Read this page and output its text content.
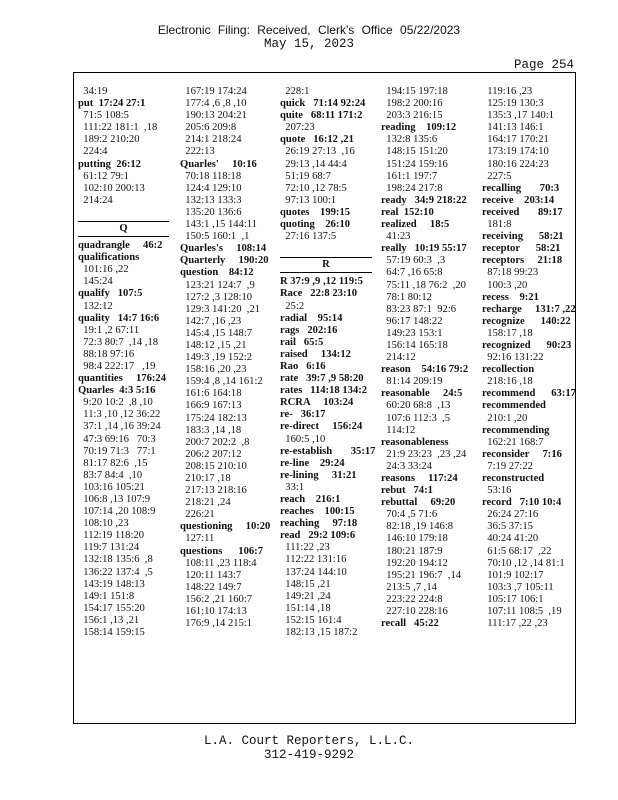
Electronic Filing: Received, Clerk's Office 05/22/2023
May 15, 2023
Page 254
34:19
put  17:24 27:1
71:5 108:5
111:22 181:1  ,18
189:2 210:20
224:4
putting  26:12
61:12 79:1
102:10 200:13
214:24

Q
quadrangle     46:2
qualifications
101:16 ,22
145:24
qualify   107:5
132:12
quality   14:7 16:6
19:1 ,2 67:11
72:3 80:7  ,14 ,18
88:18 97:16
98:4 222:17   ,19
quantities     176:24
Quarles  4:3 5:16
9:20 10:2  ,8 ,10
11:3 ,10 ,12 36:22
37:1 ,14 ,16 39:24
47:3 69:16   70:3
70:19 71:3   77:1
81:17 82:6  ,15
83:7 84:4  ,10
103:16 105:21
106:8 ,13 107:9
107:14 ,20 108:9
108:10 ,23
112:19 118:20
119:7 131:24
132:18 135:6  ,8
136:22 137:4  ,5
143:19 148:13
149:1 151:8
154:17 155:20
156:1 ,13 ,21
158:14 159:15
167:19 174:24
177:4 ,6 ,8 ,10
190:13 204:21
205:6 209:8
214:1 218:24
222:13
Quarles'     10:16
70:18 118:18
124:4 129:10
132:13 133:3
135:20 136:6
143:1 ,15 144:11
150:5 160:1  ,1
Quarles's     108:14
Quarterly     190:20
question    84:12
123:21 124:7  ,9
127:2 ,3 128:10
129:3 141:20  ,21
142:7 ,16 ,23
145:4 ,15 148:7
148:12 ,15 ,21
149:3 ,19 152:2
158:16 ,20 ,23
159:4 ,8 ,14 161:2
161:6 164:18
166:9 167:13
175:24 182:13
183:3 ,14 ,18
200:7 202:2  ,8
206:2 207:12
208:15 210:10
210:17 ,18
217:13 218:16
218:21 ,24
226:21
questioning     10:20
127:11
questions      106:7
108:11 ,23 118:4
120:11 143:7
148:22 149:7
156:2 ,21 160:7
161:10 174:13
176:9 ,14 215:1
228:1
quick   71:14 92:24
quite   68:11 171:2
207:23
quote   16:12 ,21
26:19 27:13  ,16
29:13 ,14 44:4
51:19 68:7
72:10 ,12 78:5
97:13 100:1
quotes    199:15
quoting    26:10
27:16 137:5

R
R 37:9 ,9 ,12 119:5
Race   22:8 23:10
25:2
radial    95:14
rags   202:16
rail   65:5
raised     134:12
Rao   6:16
rate   39:7 ,9 58:20
rates   114:18 134:2
RCRA     103:24
re-   36:17
re-direct     156:24
160:5 ,10
re-establish       35:17
re-line    29:24
re-lining     31:21
33:1
reach    216:1
reaches    100:15
reaching     97:18
read   29:2 109:6
111:22 ,23
112:22 131:16
137:24 144:10
148:15 ,21
149:21 ,24
151:14 ,18
152:15 161:4
182:13 ,15 187:2
194:15 197:18
198:2 200:16
203:3 216:15
reading    109:12
132:8 135:6
148:15 151:20
151:24 159:16
161:1 197:7
198:24 217:8
ready   34:9 218:22
real  152:10
realized     18:5
41:23
really   10:19 55:17
57:19 60:3  ,3
64:7 ,16 65:8
75:11 ,18 76:2  ,20
78:1 80:12
83:23 87:1  92:6
96:17 148:22
149:23 153:1
156:14 165:18
214:12
reason    54:16 79:2
81:14 209:19
reasonable     24:5
60:20 68:8  ,13
107:6 112:3  ,5
114:12
reasonableness
21:9 23:23  ,23 ,24
24:3 33:24
reasons     117:24
rebut   74:1
rebuttal     69:20
70:4 ,5 71:6
82:18 ,19 146:8
146:10 179:18
180:21 187:9
192:20 194:12
195:21 196:7  ,14
213:5 ,7 ,14
223:22 224:8
227:10 228:16
recall   45:22
119:16 ,23
125:19 130:3
135:3 ,17 140:1
141:13 146:1
164:17 170:21
173:19 174:10
180:16 224:23
227:5
recalling       70:3
receive    203:14
received       89:17
181:8
receiving      58:21
receptor      58:21
receptors     21:18
87:18 99:23
100:3 ,20
recess    9:21
recharge     131:7 ,22
recognize      140:22
158:17 ,18
recognized      90:23
92:16 131:22
recollection
218:16 ,18
recommend      63:17
recommended
210:1 ,20
recommending
162:21 168:7
reconsider     7:16
7:19 27:22
reconstructed
53:16
record   7:10 10:4
26:24 27:16
36:5 37:15
40:24 41:20
61:5 68:17  ,22
70:10 ,12 ,14 81:1
101:9 102:17
103:3 ,7 105:11
105:17 106:1
107:11 108:5  ,19
111:17 ,22 ,23
L.A. Court Reporters, L.L.C.
312-419-9292
